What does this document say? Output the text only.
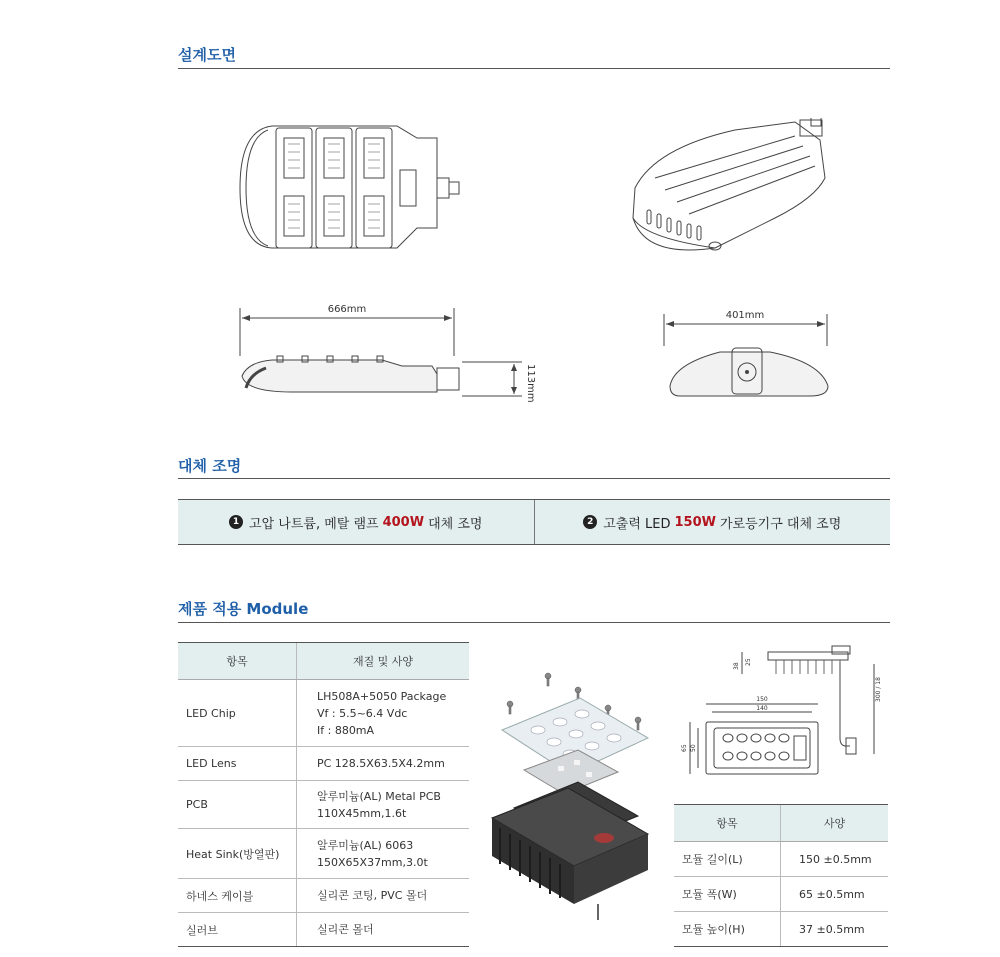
설계도면
666mm
113mm
401mm
대체 조명
1 고압 나트륨, 메탈 램프 400W 대체 조명	2 고출력 LED 150W 가로등기구 대체 조명
제품 적용 Module
항목	재질 및 사양
LED Chip	LH508A+5050 Package
Vf : 5.5~6.4 Vdc
If : 880mA

LED Lens	PC 128.5X63.5X4.2mm

PCB	알루미늄(AL) Metal PCB
110X45mm,1.6t

Heat Sink(방열판)	알루미늄(AL) 6063
150X65X37mm,3.0t

하네스 케이블	실리콘 코팅, PVC 몰더

실러브	실리콘 몰더
38
25
150
140
65 50
300 / 18
항목	사양
모듈 길이(L)	150 ±0.5mm
모듈 폭(W)	65 ±0.5mm
모듈 높이(H)	37 ±0.5mm
